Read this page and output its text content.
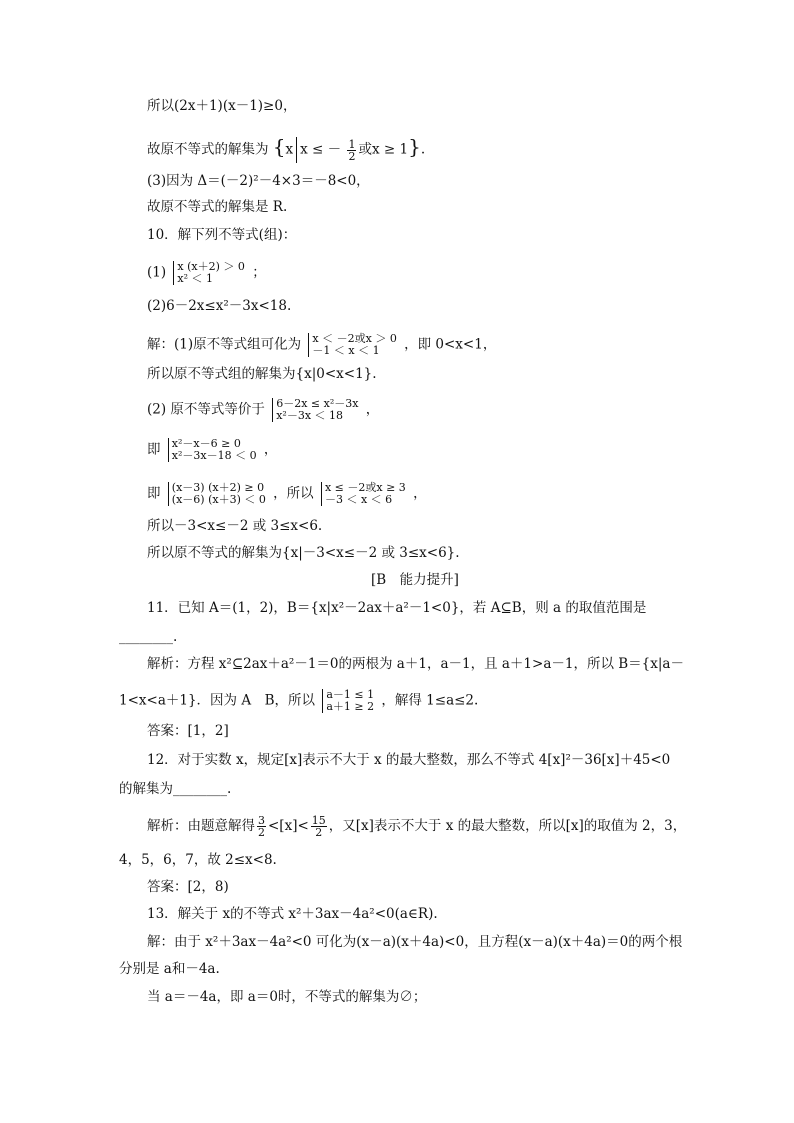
所以(2x＋1)(x－1)≥0，
故原不等式的解集为 {x x ≤ － $\frac{1}{2}$ 或x ≥ 1}.
(3)因为 Δ＝(－2)²－4×3＝－8<0，
故原不等式的解集是 R.
10．解下列不等式(组)：
(1) x (x＋2) ＞ 0
x² ＜ 1	；
(2)6－2x≤x²－3x<18.
解：(1)原不等式组可化为 x ＜ －2或x ＞ 0
－1 ＜ x ＜ 1	，即 0<x<1，
所以原不等式组的解集为{x|0<x<1}.
(2) 原不等式等价于 6－2x ≤ x²－3x
x²－3x ＜ 18	，
即 x²－x－6 ≥ 0
x²－3x－18 ＜ 0 ，
即 (x－3) (x＋2) ≥ 0
(x－6) (x＋3) ＜ 0 ，所以 x ≤ －2或x ≥ 3
－3 ＜ x ＜ 6	，
所以－3<x≤－2 或 3≤x<6.
所以原不等式的解集为{x|－3<x≤－2 或 3≤x<6}.
[B　能力提升]
11．已知 A＝(1，2)，B＝{x|x²－2ax＋a²－1<0}，若 A⊆B，则 a 的取值范围是
________.
解析：方程 x²⊆2ax＋a²－1＝0的两根为 a＋1，a－1，且 a＋1>a－1，所以 B＝{x|a－
1<x<a＋1}．因为 A　B，所以 a－1 ≤ 1
a＋1 ≥ 2 ，解得 1≤a≤2.
答案：[1，2]
12．对于实数 x，规定[x]表示不大于 x 的最大整数，那么不等式 4[x]²－36[x]＋45<0
的解集为________.
解析：由题意解得 $\frac{3}{2} <[x]< \frac{15}{2}$ ，又[x]表示不大于 x 的最大整数，所以[x]的取值为 2，3，
4，5，6，7，故 2≤x<8.
答案：[2，8)
13．解关于 x的不等式 x²＋3ax－4a²<0(a∈R).
解：由于 x²＋3ax－4a²<0 可化为(x－a)(x＋4a)<0，且方程(x－a)(x＋4a)＝0的两个根
分别是 a和－4a.
当 a＝－4a，即 a＝0时，不等式的解集为∅；
